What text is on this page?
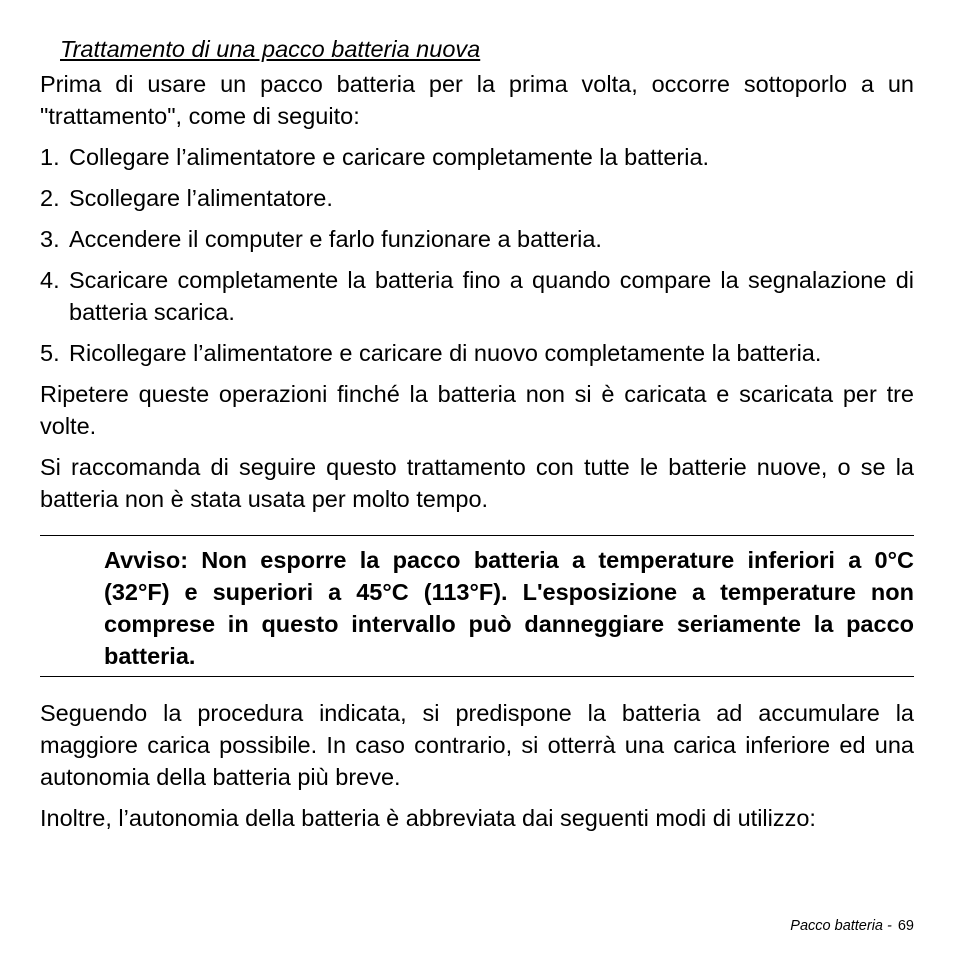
Trattamento di una pacco batteria nuova

Prima di usare un pacco batteria per la prima volta, occorre sottoporlo a un "trattamento", come di seguito:

1. Collegare l’alimentatore e caricare completamente la batteria.
2. Scollegare l’alimentatore.
3. Accendere il computer e farlo funzionare a batteria.
4. Scaricare completamente la batteria fino a quando compare la segnalazione di batteria scarica.
5. Ricollegare l’alimentatore e caricare di nuovo completamente la batteria.

Ripetere queste operazioni finché la batteria non si è caricata e scaricata per tre volte.

Si raccomanda di seguire questo trattamento con tutte le batterie nuove, o se la batteria non è stata usata per molto tempo.

Avviso: Non esporre la pacco batteria a temperature inferiori a 0°C (32°F) e superiori a 45°C (113°F). L'esposizione a temperature non comprese in questo intervallo può danneggiare seriamente la pacco batteria.

Seguendo la procedura indicata, si predispone la batteria ad accumulare la maggiore carica possibile. In caso contrario, si otterrà una carica inferiore ed una autonomia della batteria più breve.

Inoltre, l’autonomia della batteria è abbreviata dai seguenti modi di utilizzo:

Pacco batteria - 69
